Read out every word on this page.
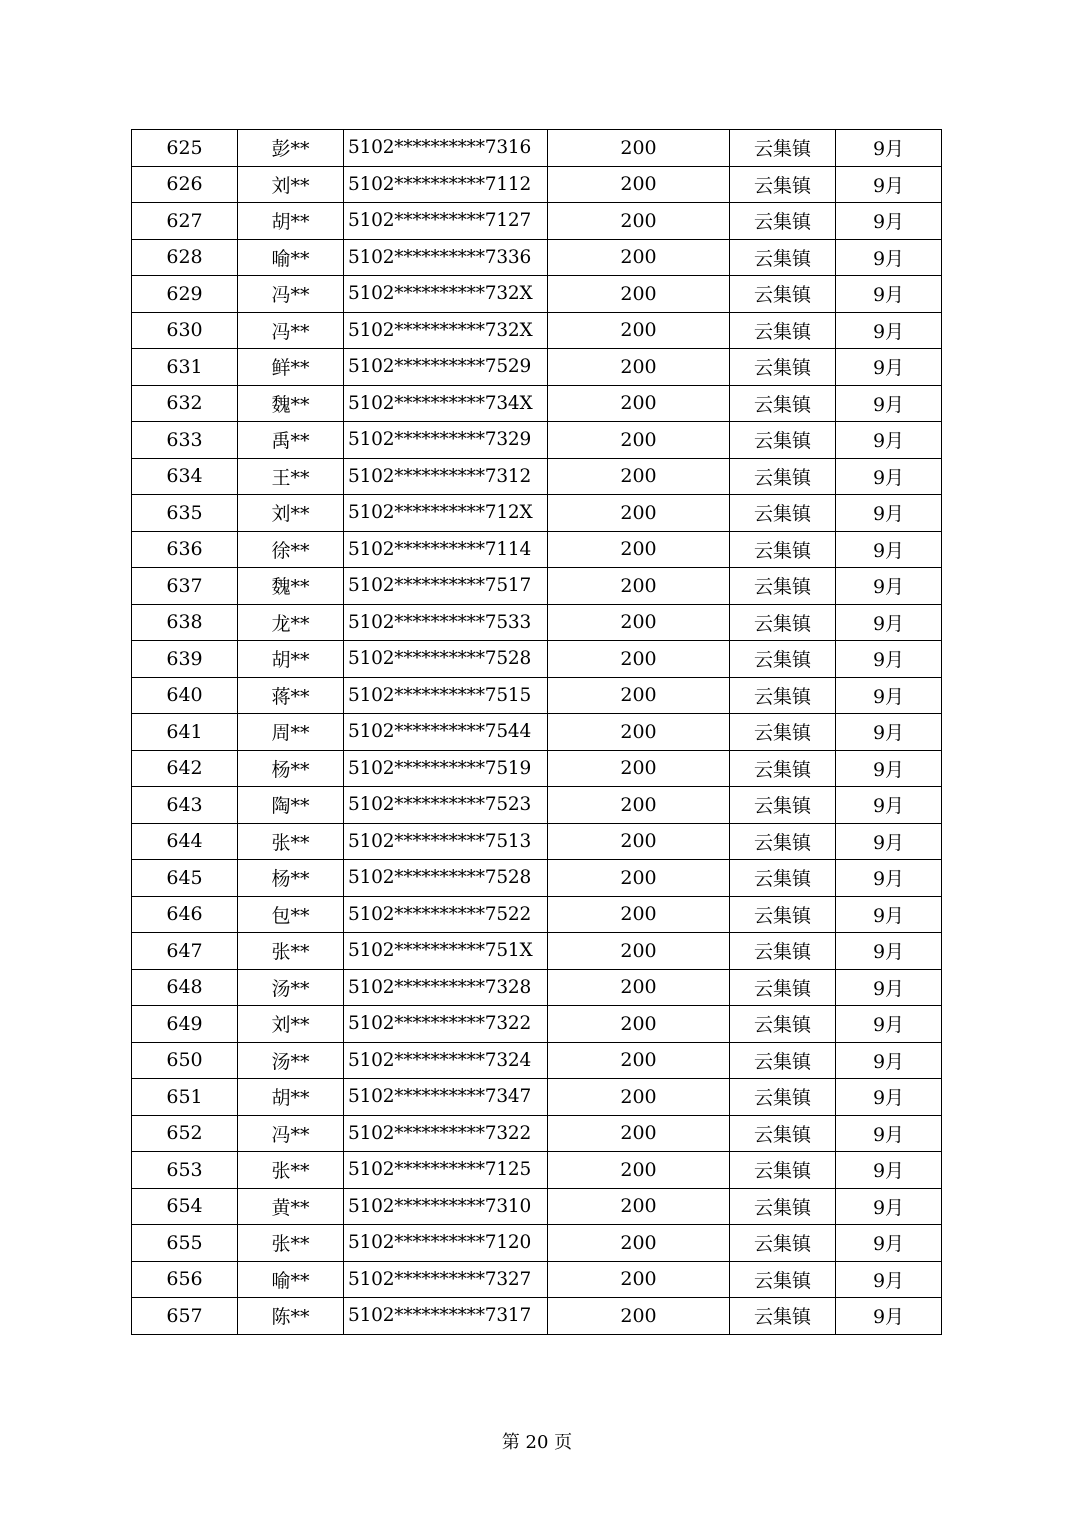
625	彭**	5102**********7316	200	云集镇	9月
626	刘**	5102**********7112	200	云集镇	9月
627	胡**	5102**********7127	200	云集镇	9月
628	喻**	5102**********7336	200	云集镇	9月
629	冯**	5102**********732X	200	云集镇	9月
630	冯**	5102**********732X	200	云集镇	9月
631	鲜**	5102**********7529	200	云集镇	9月
632	魏**	5102**********734X	200	云集镇	9月
633	禹**	5102**********7329	200	云集镇	9月
634	王**	5102**********7312	200	云集镇	9月
635	刘**	5102**********712X	200	云集镇	9月
636	徐**	5102**********7114	200	云集镇	9月
637	魏**	5102**********7517	200	云集镇	9月
638	龙**	5102**********7533	200	云集镇	9月
639	胡**	5102**********7528	200	云集镇	9月
640	蒋**	5102**********7515	200	云集镇	9月
641	周**	5102**********7544	200	云集镇	9月
642	杨**	5102**********7519	200	云集镇	9月
643	陶**	5102**********7523	200	云集镇	9月
644	张**	5102**********7513	200	云集镇	9月
645	杨**	5102**********7528	200	云集镇	9月
646	包**	5102**********7522	200	云集镇	9月
647	张**	5102**********751X	200	云集镇	9月
648	汤**	5102**********7328	200	云集镇	9月
649	刘**	5102**********7322	200	云集镇	9月
650	汤**	5102**********7324	200	云集镇	9月
651	胡**	5102**********7347	200	云集镇	9月
652	冯**	5102**********7322	200	云集镇	9月
653	张**	5102**********7125	200	云集镇	9月
654	黄**	5102**********7310	200	云集镇	9月
655	张**	5102**********7120	200	云集镇	9月
656	喻**	5102**********7327	200	云集镇	9月
657	陈**	5102**********7317	200	云集镇	9月
第 20 页
